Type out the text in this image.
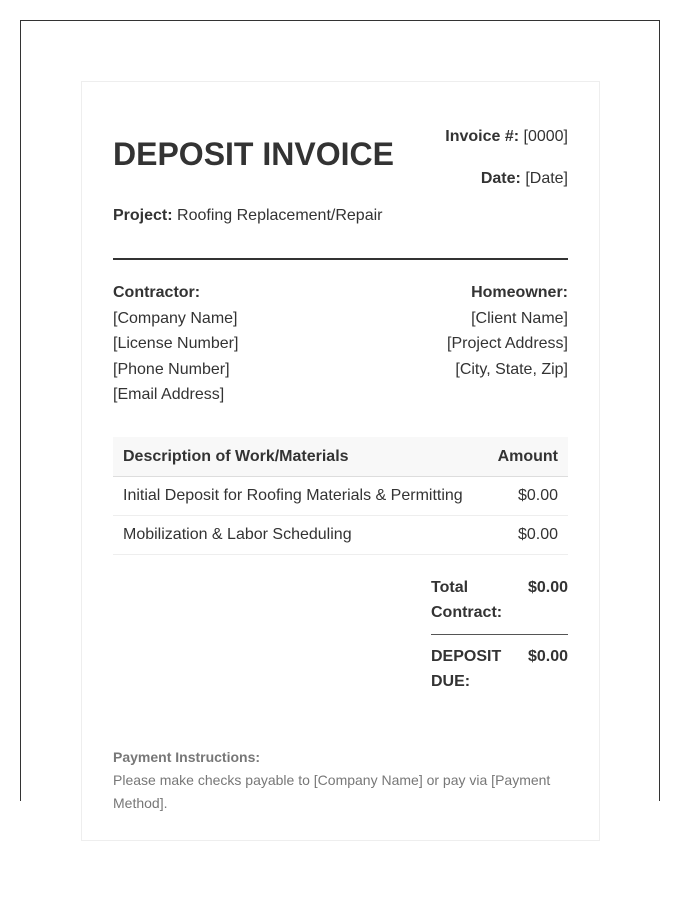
DEPOSIT INVOICE	Invoice #: [0000]
Date: [Date]
Project: Roofing Replacement/Repair
Contractor:
[Company Name]
[License Number]
[Phone Number]
[Email Address]
Homeowner:
[Client Name]
[Project Address]
[City, State, Zip]
Description of Work/Materials	Amount
Initial Deposit for Roofing Materials & Permitting	$0.00
Mobilization & Labor Scheduling	$0.00
Total Contract:
$0.00
DEPOSIT DUE:
$0.00
Payment Instructions:
Please make checks payable to [Company Name] or pay via [Payment Method].
